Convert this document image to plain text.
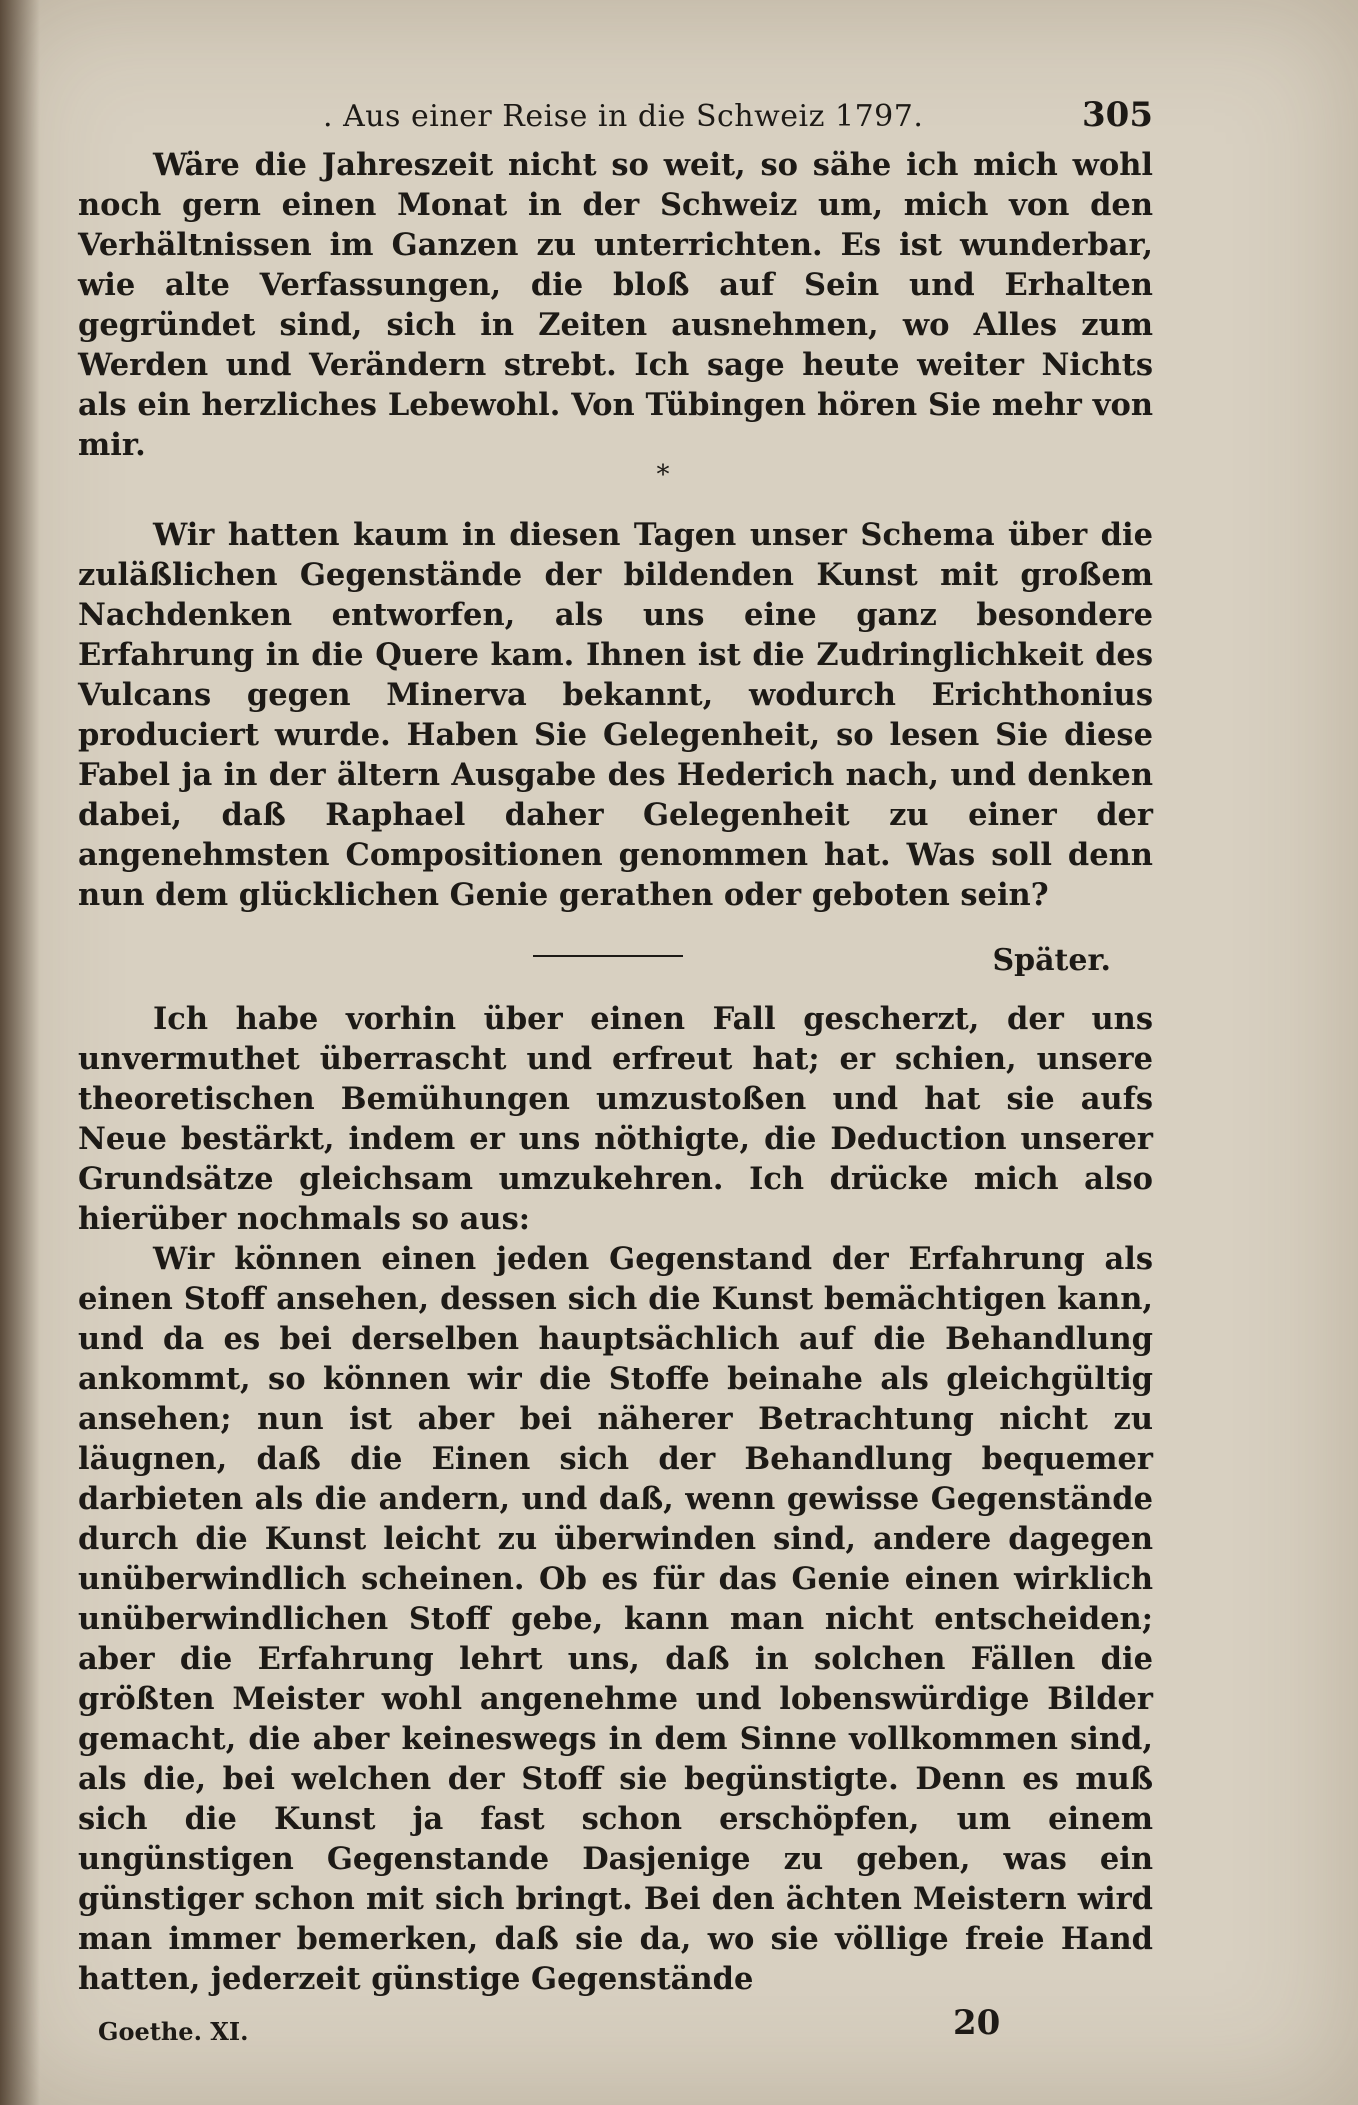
. Aus einer Reise in die Schweiz 1797.	305

Wäre die Jahreszeit nicht so weit, so sähe ich mich wohl noch gern einen Monat in der Schweiz um, mich von den Verhältnissen im Ganzen zu unterrichten. Es ist wunderbar, wie alte Verfassungen, die bloß auf Sein und Erhalten gegründet sind, sich in Zeiten ausnehmen, wo Alles zum Werden und Verändern strebt. Ich sage heute weiter Nichts als ein herzliches Lebewohl. Von Tübingen hören Sie mehr von mir.

*

Wir hatten kaum in diesen Tagen unser Schema über die zuläßlichen Gegenstände der bildenden Kunst mit großem Nachdenken entworfen, als uns eine ganz besondere Erfahrung in die Quere kam. Ihnen ist die Zudringlichkeit des Vulcans gegen Minerva bekannt, wodurch Erichthonius produciert wurde. Haben Sie Gelegenheit, so lesen Sie diese Fabel ja in der ältern Ausgabe des Hederich nach, und denken dabei, daß Raphael daher Gelegenheit zu einer der angenehmsten Compositionen genommen hat. Was soll denn nun dem glücklichen Genie gerathen oder geboten sein?

Später.

Ich habe vorhin über einen Fall gescherzt, der uns unvermuthet überrascht und erfreut hat; er schien, unsere theoretischen Bemühungen umzustoßen und hat sie aufs Neue bestärkt, indem er uns nöthigte, die Deduction unserer Grundsätze gleichsam umzukehren. Ich drücke mich also hierüber nochmals so aus:

Wir können einen jeden Gegenstand der Erfahrung als einen Stoff ansehen, dessen sich die Kunst bemächtigen kann, und da es bei derselben hauptsächlich auf die Behandlung ankommt, so können wir die Stoffe beinahe als gleichgültig ansehen; nun ist aber bei näherer Betrachtung nicht zu läugnen, daß die Einen sich der Behandlung bequemer darbieten als die andern, und daß, wenn gewisse Gegenstände durch die Kunst leicht zu überwinden sind, andere dagegen unüberwindlich scheinen. Ob es für das Genie einen wirklich unüberwindlichen Stoff gebe, kann man nicht entscheiden; aber die Erfahrung lehrt uns, daß in solchen Fällen die größten Meister wohl angenehme und lobenswürdige Bilder gemacht, die aber keineswegs in dem Sinne vollkommen sind, als die, bei welchen der Stoff sie begünstigte. Denn es muß sich die Kunst ja fast schon erschöpfen, um einem ungünstigen Gegenstande Dasjenige zu geben, was ein günstiger schon mit sich bringt. Bei den ächten Meistern wird man immer bemerken, daß sie da, wo sie völlige freie Hand hatten, jederzeit günstige Gegenstände

Goethe. XI.	20
